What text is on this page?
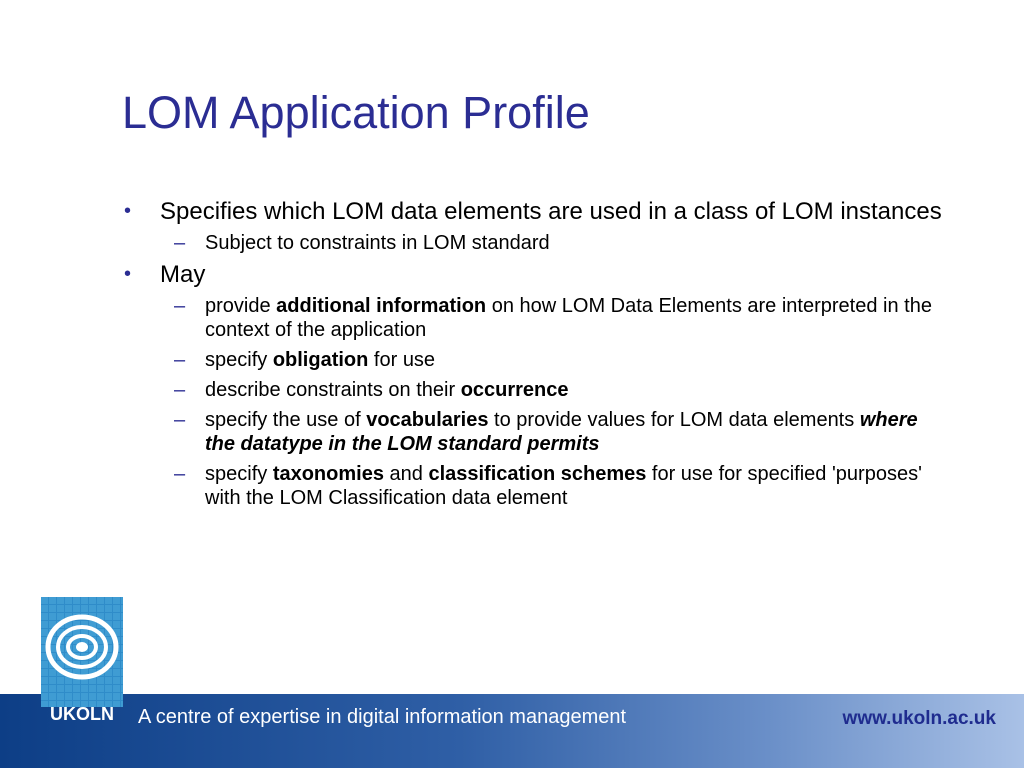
LOM Application Profile
• Specifies which LOM data elements are used in a class of LOM instances
– Subject to constraints in LOM standard
• May
– provide additional information on how LOM Data Elements are interpreted in the context of the application
– specify obligation for use
– describe constraints on their occurrence
– specify the use of vocabularies to provide values for LOM data elements where the datatype in the LOM standard permits
– specify taxonomies and classification schemes for use for specified 'purposes' with the LOM Classification data element
UKOLN	A centre of expertise in digital information management	www.ukoln.ac.uk
